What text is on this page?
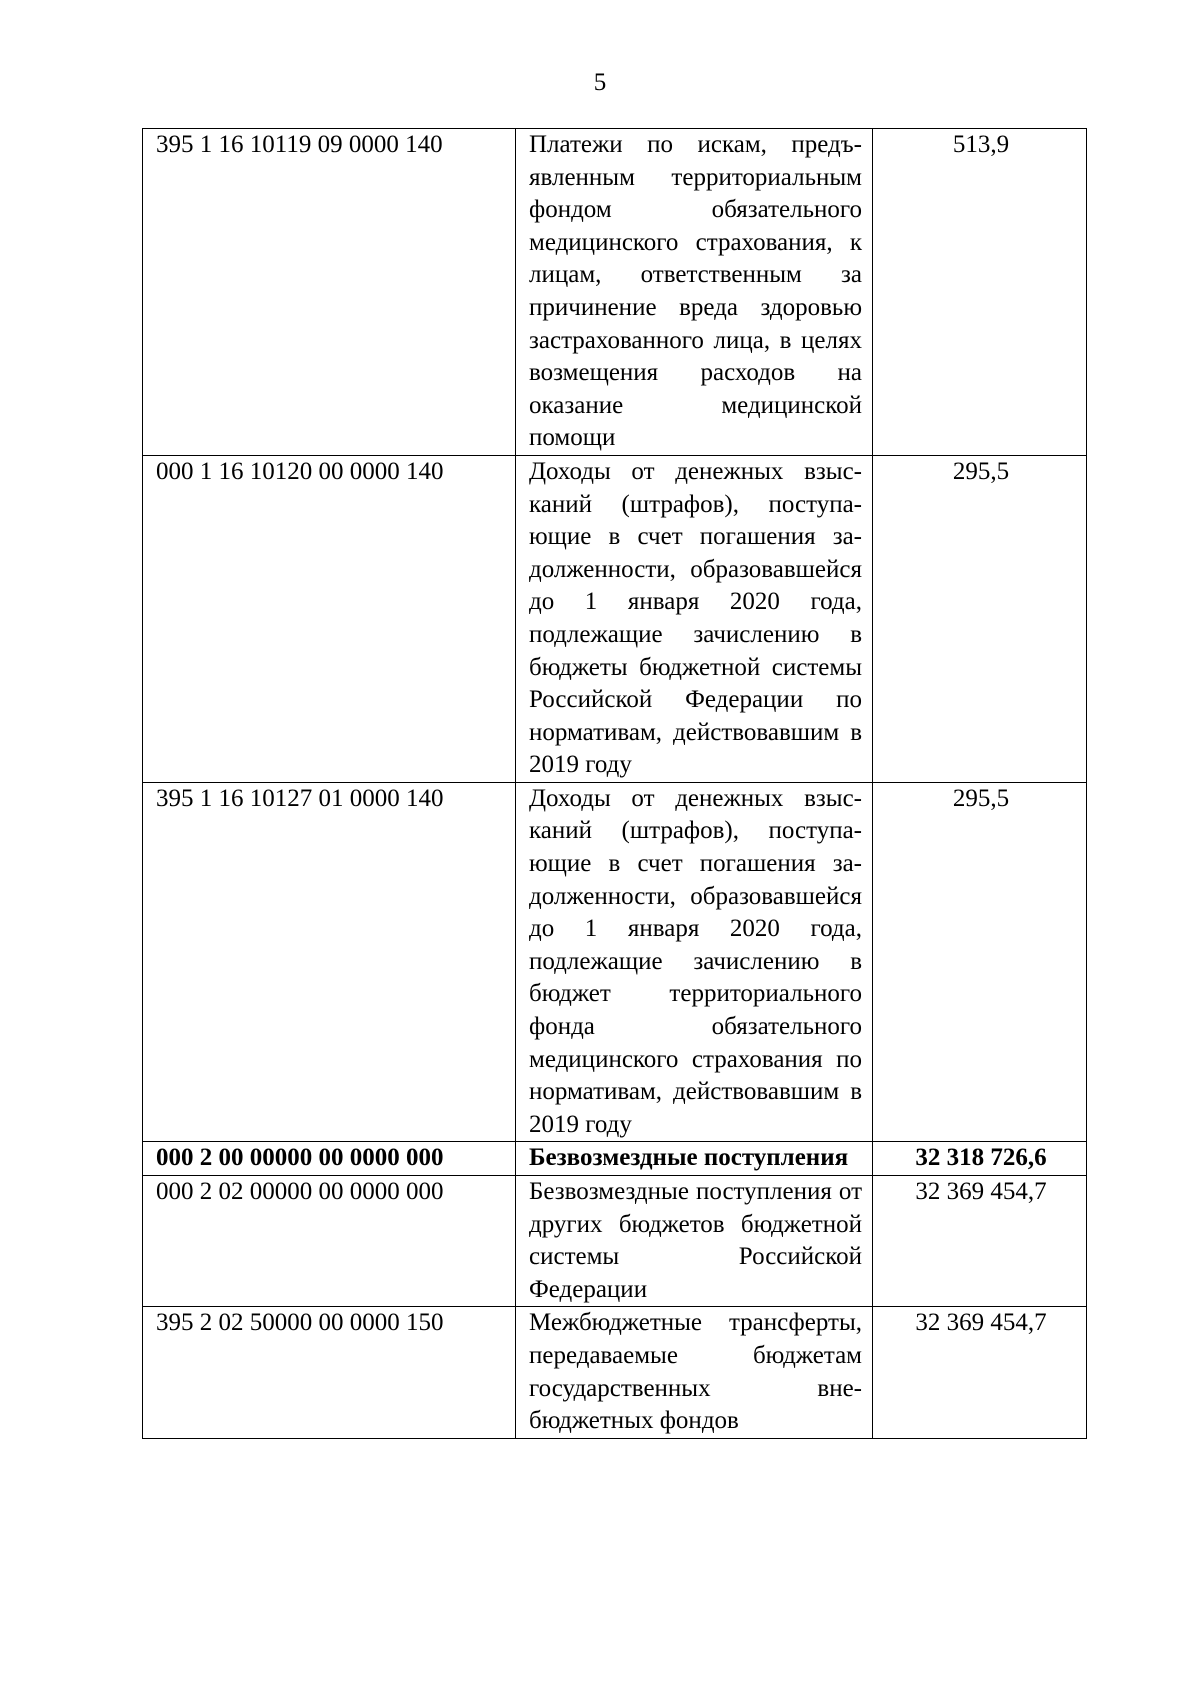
5
395 1 16 10119 09 0000 140	Платежи по искам, предъявленным территориальным фондом обязательного медицинского страхования, к лицам, ответственным за причинение вреда здоровью застрахованного лица, в целях возмещения расходов на оказание медицинской помощи	513,9
000 1 16 10120 00 0000 140	Доходы от денежных взысканий (штрафов), поступающие в счет погашения задолженности, образовавшейся до 1 января 2020 года, подлежащие зачислению в бюджеты бюджетной системы Российской Федерации по нормативам, действовавшим в 2019 году	295,5
395 1 16 10127 01 0000 140	Доходы от денежных взысканий (штрафов), поступающие в счет погашения задолженности, образовавшейся до 1 января 2020 года, подлежащие зачислению в бюджет территориального фонда обязательного медицинского страхования по нормативам, действовавшим в 2019 году	295,5
000 2 00 00000 00 0000 000	Безвозмездные поступления	32 318 726,6
000 2 02 00000 00 0000 000	Безвозмездные поступления от других бюджетов бюджетной системы Российской Федерации	32 369 454,7
395 2 02 50000 00 0000 150	Межбюджетные трансферты, передаваемые бюджетам государственных внебюджетных фондов	32 369 454,7
